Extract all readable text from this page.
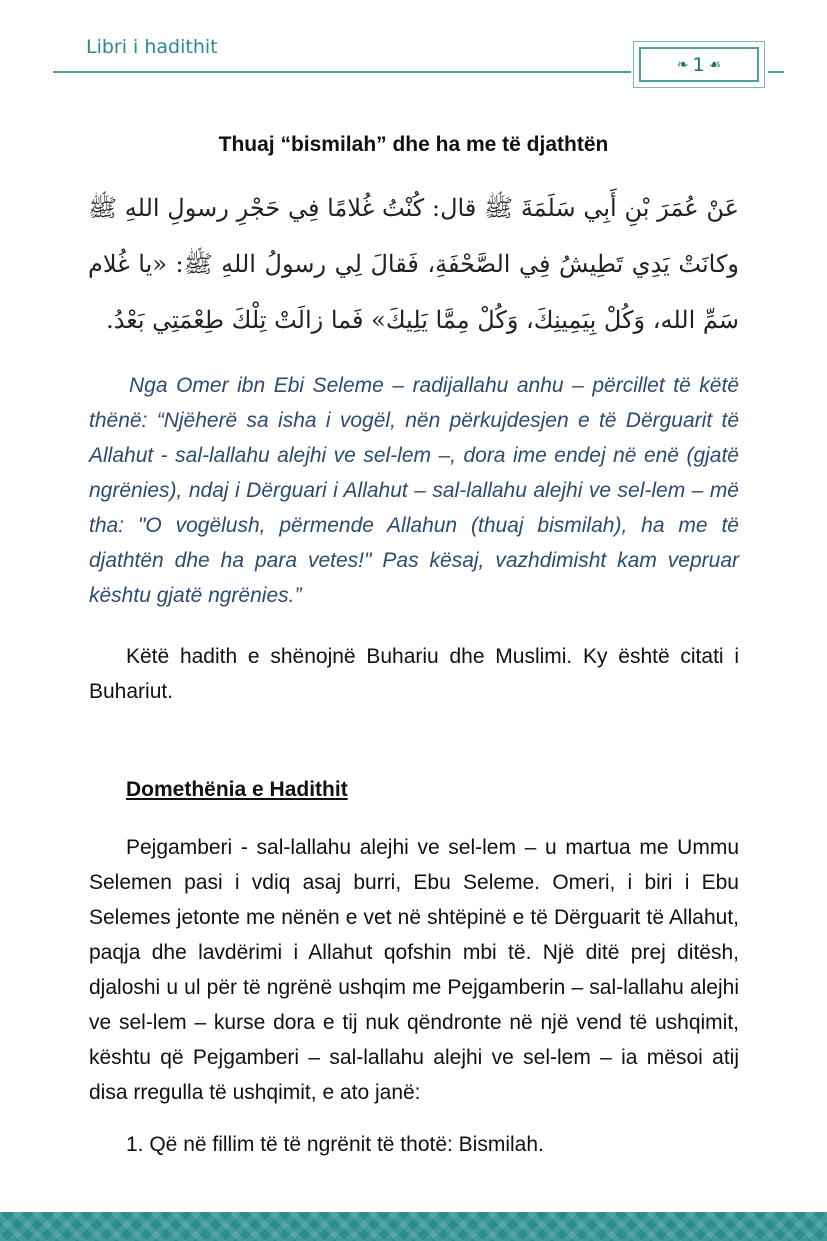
Libri i hadithit
❧ 1 ☙
Thuaj “bismilah” dhe ha me të djathtën
عَنْ عُمَرَ بْنِ أَبِي سَلَمَةَ ﷺ قال: كُنْتُ غُلامًا فِي حَجْرِ رسولِ اللهِ ﷺ وكانَتْ يَدِي تَطِيشُ فِي الصَّحْفَةِ، فَقالَ لِي رسولُ اللهِ ﷺ: «يا غُلام سَمِّ الله، وَكُلْ بِيَمِينِكَ، وَكُلْ مِمَّا يَلِيكَ» فَما زالَتْ تِلْكَ طِعْمَتِي بَعْدُ.
Nga Omer ibn Ebi Seleme – radijallahu anhu – përcillet të këtë thënë: “Njëherë sa isha i vogël, nën përkujdesjen e të Dërguarit të Allahut - sal-lallahu alejhi ve sel-lem –, dora ime endej në enë (gjatë ngrënies), ndaj i Dërguari i Allahut – sal-lallahu alejhi ve sel-lem – më tha: "O vogëlush, përmende Allahun (thuaj bismilah), ha me të djathtën dhe ha para vetes!" Pas kësaj, vazhdimisht kam vepruar kështu gjatë ngrënies.”
Këtë hadith e shënojnë Buhariu dhe Muslimi. Ky është citati i Buhariut.
Domethënia e Hadithit
Pejgamberi - sal-lallahu alejhi ve sel-lem – u martua me Ummu Selemen pasi i vdiq asaj burri, Ebu Seleme. Omeri, i biri i Ebu Selemes jetonte me nënën e vet në shtëpinë e të Dërguarit të Allahut, paqja dhe lavdërimi i Allahut qofshin mbi të. Një ditë prej ditësh, djaloshi u ul për të ngrënë ushqim me Pejgamberin – sal-lallahu alejhi ve sel-lem – kurse dora e tij nuk qëndronte në një vend të ushqimit, kështu që Pejgamberi – sal-lallahu alejhi ve sel-lem – ia mësoi atij disa rregulla të ushqimit, e ato janë:
1. Që në fillim të të ngrënit të thotë: Bismilah.
